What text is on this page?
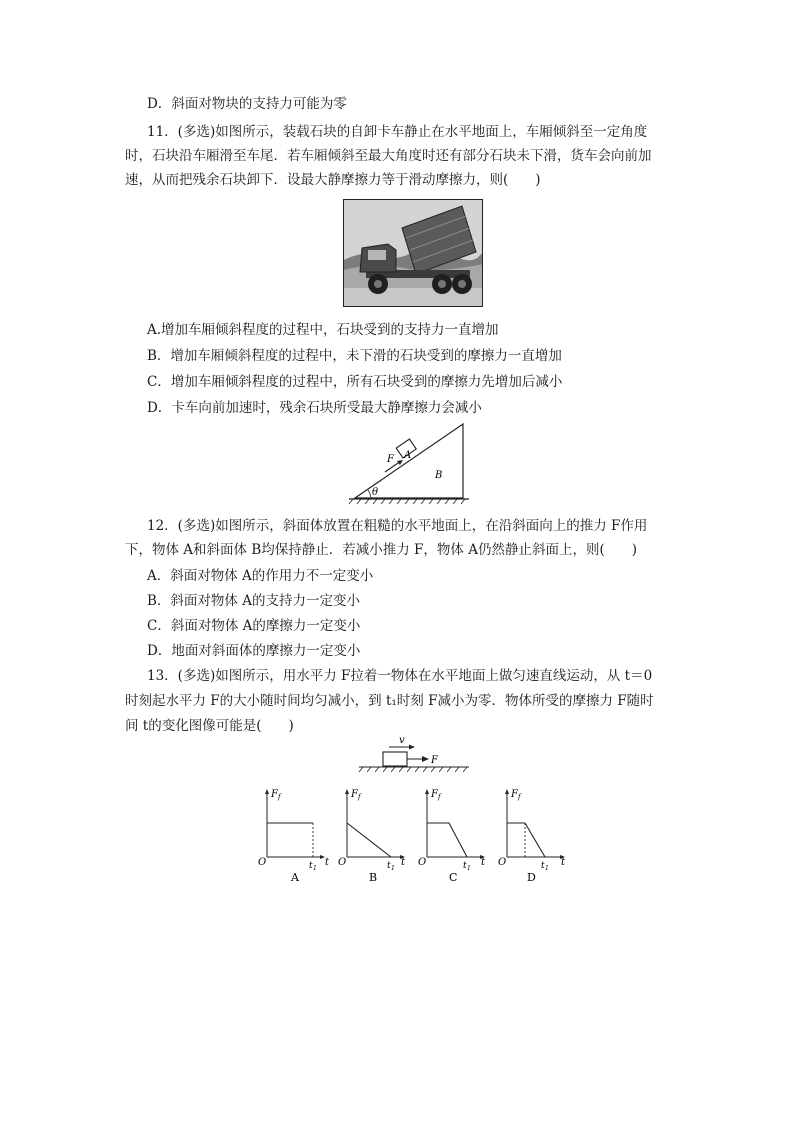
D．斜面对物块的支持力可能为零
11．(多选)如图所示，装载石块的自卸卡车静止在水平地面上，车厢倾斜至一定角度
时，石块沿车厢滑至车尾．若车厢倾斜至最大角度时还有部分石块未下滑，货车会向前加
速，从而把残余石块卸下．设最大静摩擦力等于滑动摩擦力，则(　　)
A.增加车厢倾斜程度的过程中，石块受到的支持力一直增加
B．增加车厢倾斜程度的过程中，未下滑的石块受到的摩擦力一直增加
C．增加车厢倾斜程度的过程中，所有石块受到的摩擦力先增加后减小
D．卡车向前加速时，残余石块所受最大静摩擦力会减小
F A
B
θ
12．(多选)如图所示，斜面体放置在粗糙的水平地面上，在沿斜面向上的推力 F作用
下，物体 A和斜面体 B均保持静止．若减小推力 F，物体 A仍然静止斜面上，则(　　)
A．斜面对物体 A的作用力不一定变小
B．斜面对物体 A的支持力一定变小
C．斜面对物体 A的摩擦力一定变小
D．地面对斜面体的摩擦力一定变小
13．(多选)如图所示，用水平力 F拉着一物体在水平地面上做匀速直线运动，从 t＝0
时刻起水平力 F的大小随时间均匀减小，到 t₁时刻 F减小为零．物体所受的摩擦力 F随时
间 t的变化图像可能是(　　)
v
F
F f
O	t
t 1
A
F f
O	t
t 1
B
F f
O	t
t 1
C
F f
O	t
t 1
D
